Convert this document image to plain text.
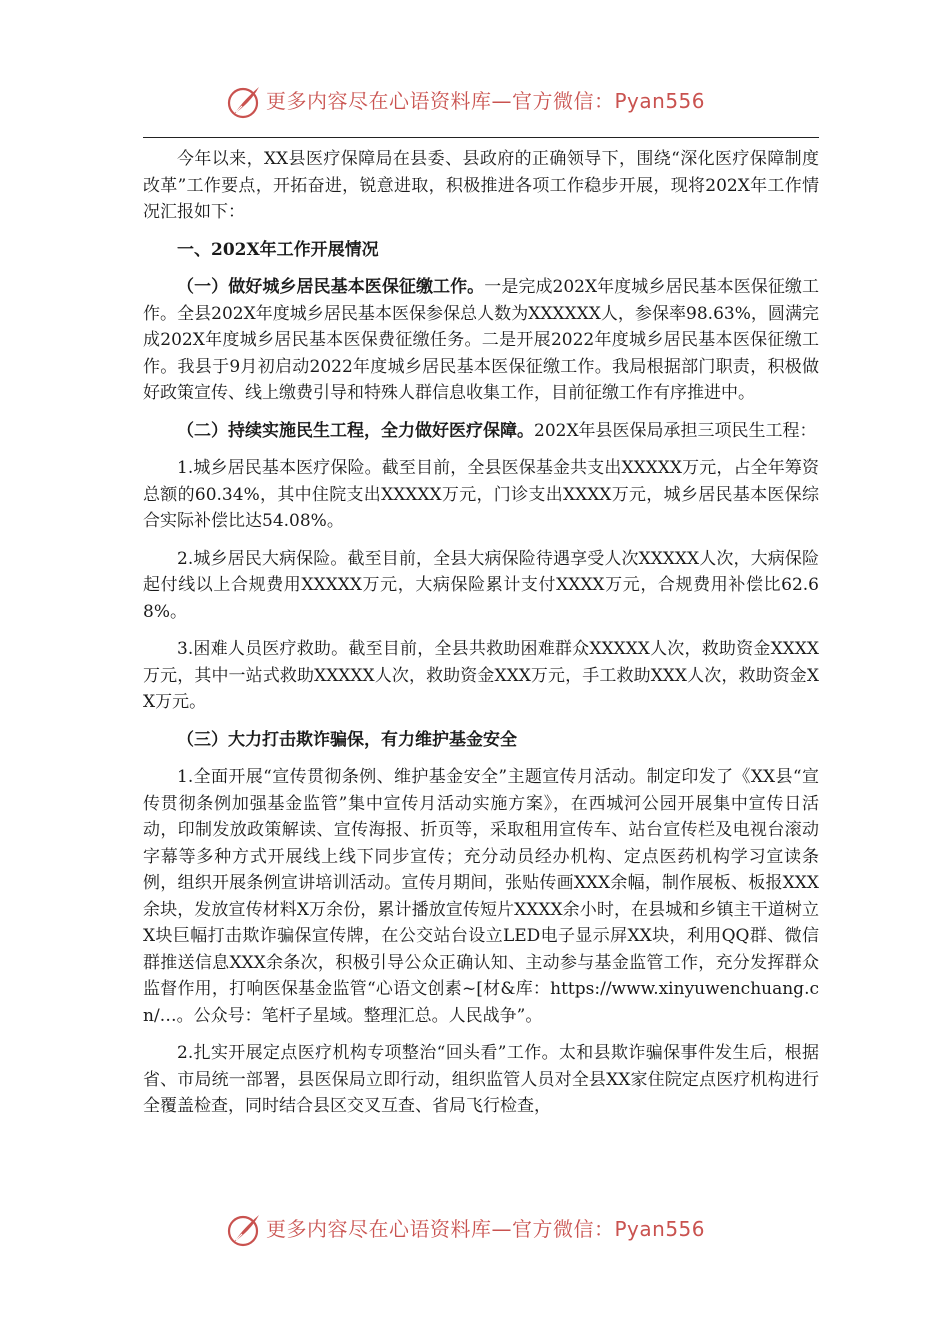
更多内容尽在心语资料库—官方微信：Pyan556

今年以来，XX县医疗保障局在县委、县政府的正确领导下，围绕“深化医疗保障制度改革”工作要点，开拓奋进，锐意进取，积极推进各项工作稳步开展，现将202X年工作情况汇报如下：

一、202X年工作开展情况

（一）做好城乡居民基本医保征缴工作。一是完成202X年度城乡居民基本医保征缴工作。全县202X年度城乡居民基本医保参保总人数为XXXXXX人，参保率98.63%，圆满完成202X年度城乡居民基本医保费征缴任务。二是开展2022年度城乡居民基本医保征缴工作。我县于9月初启动2022年度城乡居民基本医保征缴工作。我局根据部门职责，积极做好政策宣传、线上缴费引导和特殊人群信息收集工作，目前征缴工作有序推进中。

（二）持续实施民生工程，全力做好医疗保障。202X年县医保局承担三项民生工程：

1.城乡居民基本医疗保险。截至目前，全县医保基金共支出XXXXX万元，占全年筹资总额的60.34%，其中住院支出XXXXX万元，门诊支出XXXX万元，城乡居民基本医保综合实际补偿比达54.08%。

2.城乡居民大病保险。截至目前，全县大病保险待遇享受人次XXXXX人次，大病保险起付线以上合规费用XXXXX万元，大病保险累计支付XXXX万元，合规费用补偿比62.68%。

3.困难人员医疗救助。截至目前，全县共救助困难群众XXXXX人次，救助资金XXXX万元，其中一站式救助XXXXX人次，救助资金XXX万元，手工救助XXX人次，救助资金XX万元。

（三）大力打击欺诈骗保，有力维护基金安全

1.全面开展“宣传贯彻条例、维护基金安全”主题宣传月活动。制定印发了《XX县“宣传贯彻条例加强基金监管”集中宣传月活动实施方案》，在西城河公园开展集中宣传日活动，印制发放政策解读、宣传海报、折页等，采取租用宣传车、站台宣传栏及电视台滚动字幕等多种方式开展线上线下同步宣传；充分动员经办机构、定点医药机构学习宣读条例，组织开展条例宣讲培训活动。宣传月期间，张贴传画XXX余幅，制作展板、板报XXX余块，发放宣传材料X万余份，累计播放宣传短片XXXX余小时，在县城和乡镇主干道树立X块巨幅打击欺诈骗保宣传牌，在公交站台设立LED电子显示屏XX块，利用QQ群、微信群推送信息XXX余条次，积极引导公众正确认知、主动参与基金监管工作，充分发挥群众监督作用，打响医保基金监管“心语文创素~[材&库：https://www.xinyuwenchuang.cn/…。公众号：笔杆子星域。整理汇总。人民战争”。

2.扎实开展定点医疗机构专项整治“回头看”工作。太和县欺诈骗保事件发生后，根据省、市局统一部署，县医保局立即行动，组织监管人员对全县XX家住院定点医疗机构进行全覆盖检查，同时结合县区交叉互查、省局飞行检查，

更多内容尽在心语资料库—官方微信：Pyan556
